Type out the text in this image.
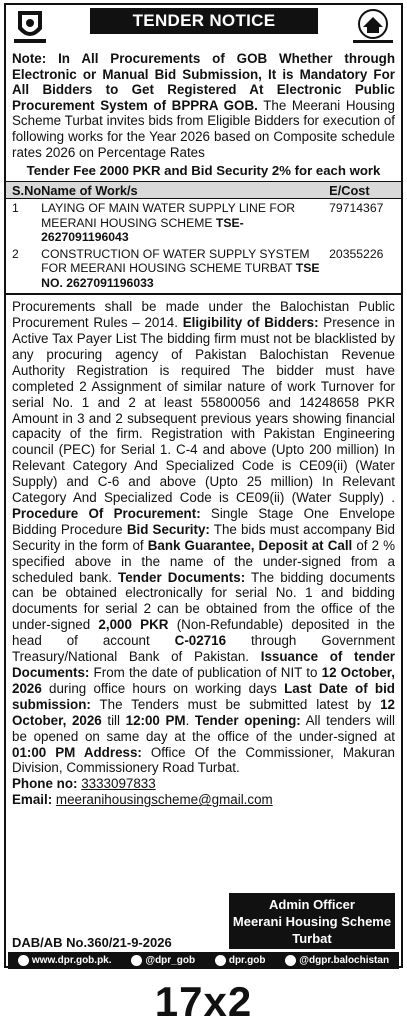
TENDER NOTICE
Note: In All Procurements of GOB Whether through Electronic or Manual Bid Submission, It is Mandatory For All Bidders to Get Registered At Electronic Public Procurement System of BPPRA GOB. The Meerani Housing Scheme Turbat invites bids from Eligible Bidders for execution of following works for the Year 2026 based on Composite schedule rates 2026 on Percentage Rates
Tender Fee 2000 PKR and Bid Security 2% for each work
S.No	Name of Work/s	E/Cost
1	LAYING OF MAIN WATER SUPPLY LINE FOR MEERANI HOUSING SCHEME TSE-2627091196043	79714367
2	CONSTRUCTION OF WATER SUPPLY SYSTEM FOR MEERANI HOUSING SCHEME TURBAT TSE NO. 2627091196033	20355226

Procurements shall be made under the Balochistan Public Procurement Rules – 2014. Eligibility of Bidders: Presence in Active Tax Payer List The bidding firm must not be blacklisted by any procuring agency of Pakistan Balochistan Revenue Authority Registration is required The bidder must have completed 2 Assignment of similar nature of work Turnover for serial No. 1 and 2 at least 55800056 and 14248658 PKR Amount in 3 and 2 subsequent previous years showing financial capacity of the firm. Registration with Pakistan Engineering council (PEC) for Serial 1. C-4 and above (Upto 200 million) In Relevant Category And Specialized Code is CE09(ii) (Water Supply) and C-6 and above (Upto 25 million) In Relevant Category And Specialized Code is CE09(ii) (Water Supply) . Procedure Of Procurement: Single Stage One Envelope Bidding Procedure Bid Security: The bids must accompany Bid Security in the form of Bank Guarantee, Deposit at Call of 2 % specified above in the name of the under-signed from a scheduled bank. Tender Documents: The bidding documents can be obtained electronically for serial No. 1 and bidding documents for serial 2 can be obtained from the office of the under-signed 2,000 PKR (Non-Refundable) deposited in the head of account C-02716 through Government Treasury/National Bank of Pakistan. Issuance of tender Documents: From the date of publication of NIT to 12 October, 2026 during office hours on working days Last Date of bid submission: The Tenders must be submitted latest by 12 October, 2026 till 12:00 PM. Tender opening: All tenders will be opened on same day at the office of the under-signed at 01:00 PM Address: Office Of the Commissioner, Makuran Division, Commissionery Road Turbat.
Phone no: 3333097833
Email: meeranihousingscheme@gmail.com
Admin Officer
Meerani Housing Scheme
Turbat
DAB/AB No.360/21-9-2026
www.dpr.gob.pk.	@dpr_gob	dpr.gob	@dgpr.balochistan
17x2
